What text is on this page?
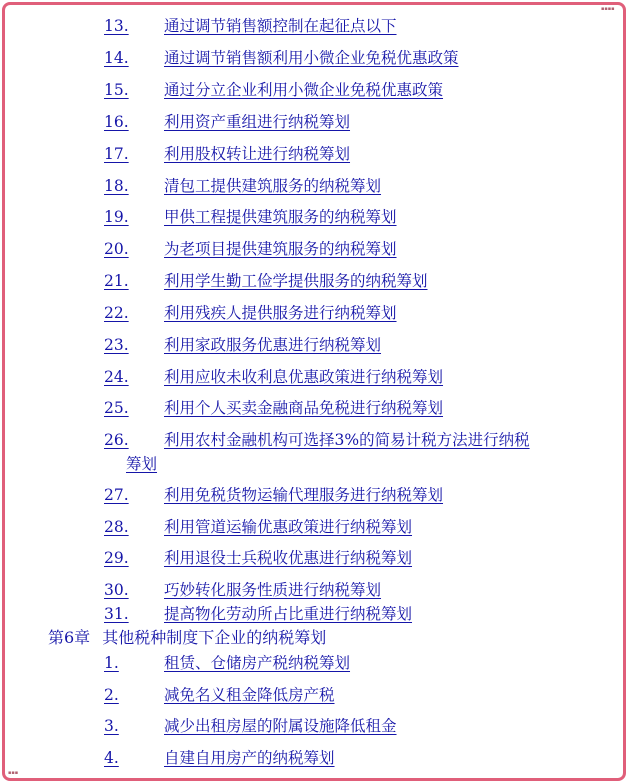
▪▪▪▪
▪▪▪
13. 通过调节销售额控制在起征点以下
14. 通过调节销售额利用小微企业免税优惠政策
15. 通过分立企业利用小微企业免税优惠政策
16. 利用资产重组进行纳税筹划
17. 利用股权转让进行纳税筹划
18. 清包工提供建筑服务的纳税筹划
19. 甲供工程提供建筑服务的纳税筹划
20. 为老项目提供建筑服务的纳税筹划
21. 利用学生勤工俭学提供服务的纳税筹划
22. 利用残疾人提供服务进行纳税筹划
23. 利用家政服务优惠进行纳税筹划
24. 利用应收未收利息优惠政策进行纳税筹划
25. 利用个人买卖金融商品免税进行纳税筹划
26. 利用农村金融机构可选择3%的简易计税方法进行纳税
筹划
27. 利用免税货物运输代理服务进行纳税筹划
28. 利用管道运输优惠政策进行纳税筹划
29. 利用退役士兵税收优惠进行纳税筹划
30. 巧妙转化服务性质进行纳税筹划
31. 提高物化劳动所占比重进行纳税筹划
第6章 其他税种制度下企业的纳税筹划
1.	租赁、仓储房产税纳税筹划
2.	减免名义租金降低房产税
3.	减少出租房屋的附属设施降低租金
4.	自建自用房产的纳税筹划
